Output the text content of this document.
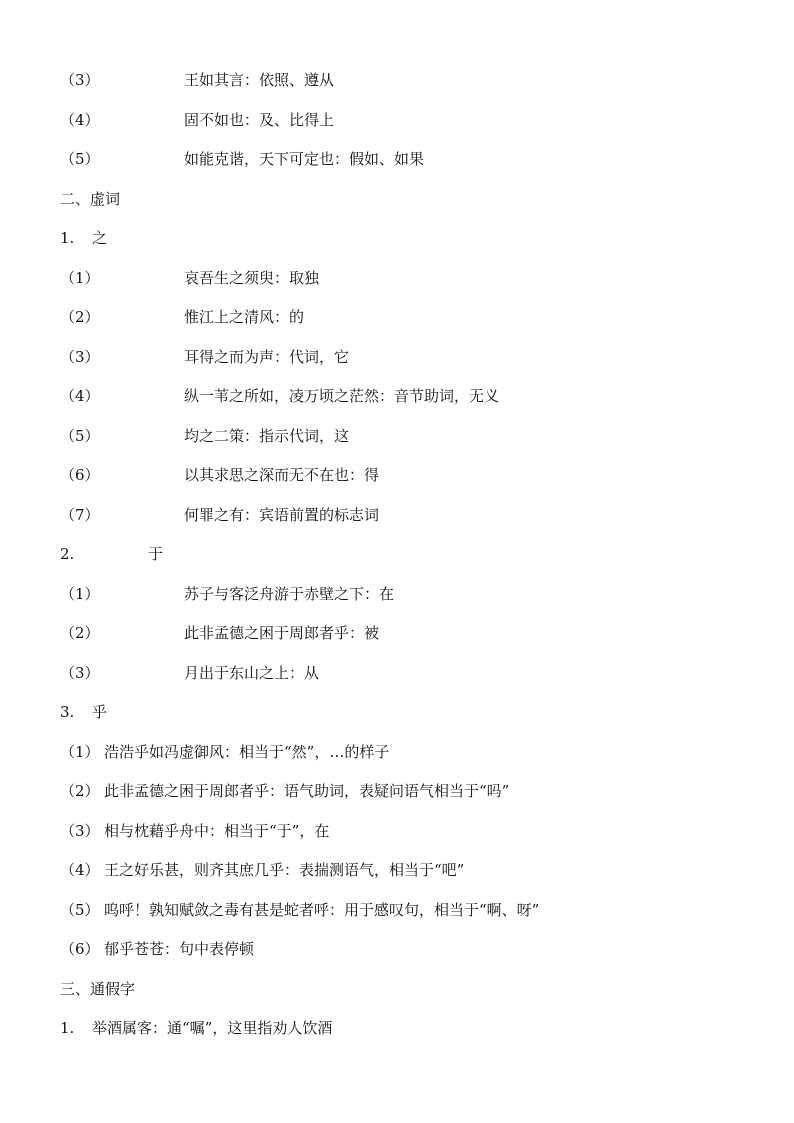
（3）	王如其言：依照、遵从
（4）	固不如也：及、比得上
（5）	如能克谐，天下可定也：假如、如果
二、虚词
1. 之
（1）	哀吾生之须臾：取独
（2）	惟江上之清风：的
（3）	耳得之而为声：代词，它
（4）	纵一苇之所如，凌万顷之茫然：音节助词，无义
（5）	均之二策：指示代词，这
（6）	以其求思之深而无不在也：得
（7）	何罪之有：宾语前置的标志词
2.	于
（1）	苏子与客泛舟游于赤壁之下：在
（2）	此非孟德之困于周郎者乎：被
（3）	月出于东山之上：从
3. 乎
（1） 浩浩乎如冯虚御风：相当于“然”，…的样子
（2） 此非孟德之困于周郎者乎：语气助词，表疑问语气相当于“吗”
（3） 相与枕藉乎舟中：相当于“于”，在
（4） 王之好乐甚，则齐其庶几乎：表揣测语气，相当于“吧”
（5） 呜呼！孰知赋敛之毒有甚是蛇者呼：用于感叹句，相当于“啊、呀”
（6） 郁乎苍苍：句中表停顿
三、通假字
1. 举酒属客：通“嘱”，这里指劝人饮酒
